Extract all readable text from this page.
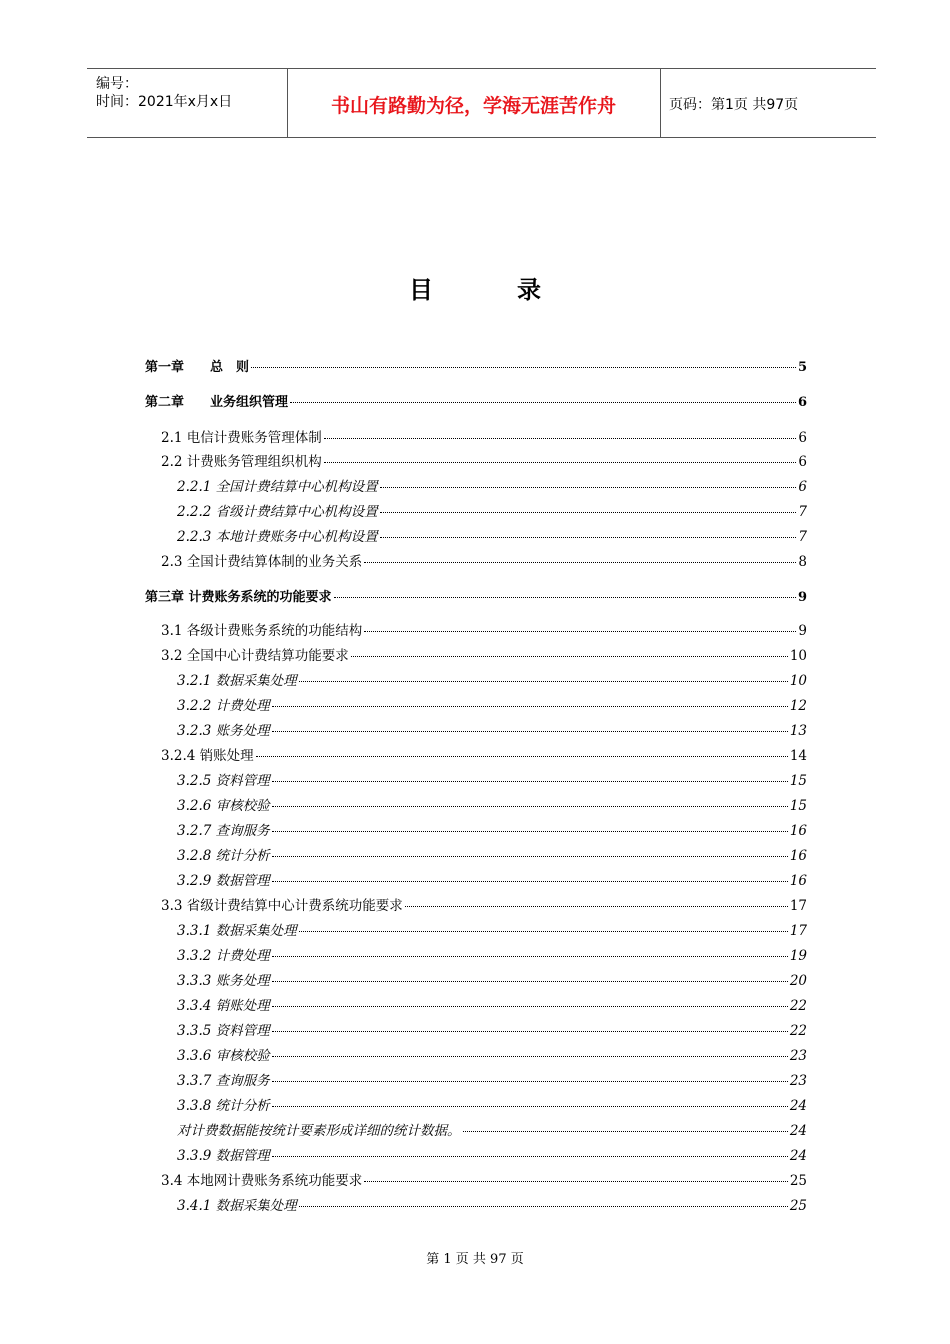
编号：
时间：2021年x月x日	书山有路勤为径，学海无涯苦作舟	页码：第1页 共97页
目录
第一章　　总　则	5
第二章　　业务组织管理	6
2.1 电信计费账务管理体制	6
2.2 计费账务管理组织机构	6
2.2.1 全国计费结算中心机构设置	6
2.2.2 省级计费结算中心机构设置	7
2.2.3 本地计费账务中心机构设置	7
2.3 全国计费结算体制的业务关系	8
第三章 计费账务系统的功能要求	9
3.1 各级计费账务系统的功能结构	9
3.2 全国中心计费结算功能要求	10
3.2.1 数据采集处理	10
3.2.2 计费处理	12
3.2.3 账务处理	13
3.2.4 销账处理	14
3.2.5 资料管理	15
3.2.6 审核校验	15
3.2.7 查询服务	16
3.2.8 统计分析	16
3.2.9 数据管理	16
3.3 省级计费结算中心计费系统功能要求	17
3.3.1 数据采集处理	17
3.3.2 计费处理	19
3.3.3 账务处理	20
3.3.4 销账处理	22
3.3.5 资料管理	22
3.3.6 审核校验	23
3.3.7 查询服务	23
3.3.8 统计分析	24
对计费数据能按统计要素形成详细的统计数据。	24
3.3.9 数据管理	24
3.4 本地网计费账务系统功能要求	25
3.4.1 数据采集处理	25
第 1 页 共 97 页
